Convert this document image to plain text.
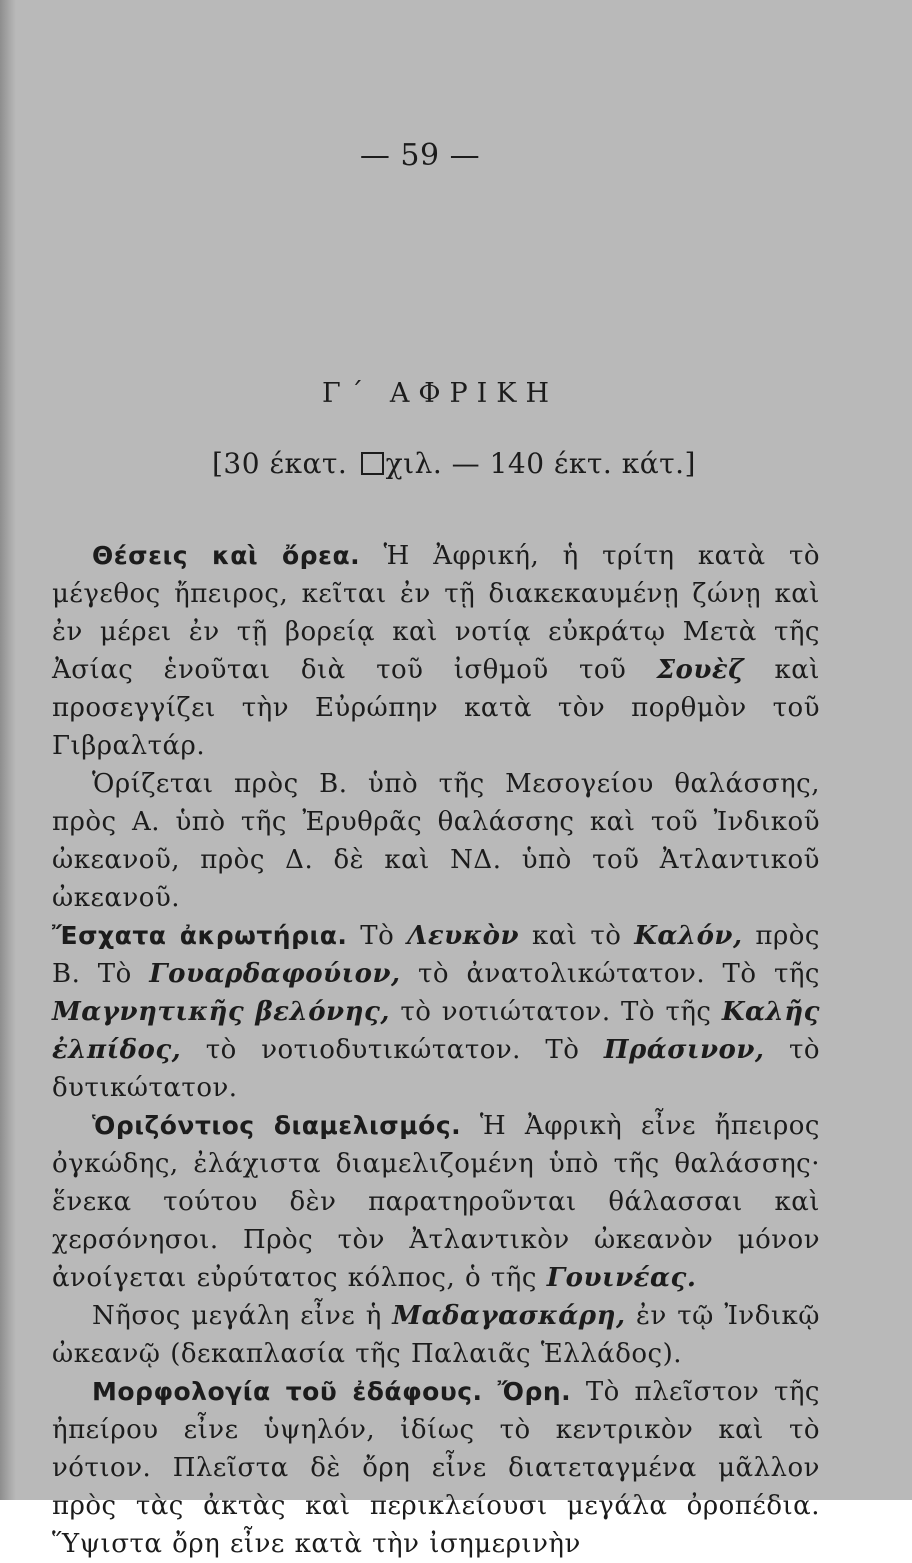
— 59 —
Γ΄ ΑΦΡΙΚΗ
[30 έκατ. χιλ. — 140 έκτ. κάτ.]

Θέσεις καὶ ὄρεα. Ἡ Ἀφρική, ἡ τρίτη κατὰ τὸ μέγεθος ἤπειρος, κεῖται ἐν τῇ διακεκαυμένῃ ζώνῃ καὶ ἐν μέρει ἐν τῇ βορείᾳ καὶ νοτίᾳ εὐκράτῳ Μετὰ τῆς Ἀσίας ἑνοῦται διὰ τοῦ ἰσθμοῦ τοῦ Σουὲζ καὶ προσεγγίζει τὴν Εὐρώπην κατὰ τὸν πορθμὸν τοῦ Γιβραλτάρ.

Ὁρίζεται πρὸς Β. ὑπὸ τῆς Μεσογείου θαλάσσης, πρὸς Α. ὑπὸ τῆς Ἐρυθρᾶς θαλάσσης καὶ τοῦ Ἰνδικοῦ ὠκεανοῦ, πρὸς Δ. δὲ καὶ ΝΔ. ὑπὸ τοῦ Ἀτλαντικοῦ ὠκεανοῦ.

Ἔσχατα ἀκρωτήρια. Τὸ Λευκὸν καὶ τὸ Καλόν, πρὸς Β. Τὸ Γουαρδαφούιον, τὸ ἀνατολικώτατον. Τὸ τῆς Μαγνητικῆς βελόνης, τὸ νοτιώτατον. Τὸ τῆς Καλῆς ἐλπίδος, τὸ νοτιοδυτικώτατον. Τὸ Πράσινον, τὸ δυτικώτατον.

Ὁριζόντιος διαμελισμός. Ἡ Ἀφρικὴ εἶνε ἤπειρος ὀγκώδης, ἐλάχιστα διαμελιζομένη ὑπὸ τῆς θαλάσσης· ἕνεκα τούτου δὲν παρατηροῦνται θάλασσαι καὶ χερσόνησοι. Πρὸς τὸν Ἀτλαντικὸν ὠκεανὸν μόνον ἀνοίγεται εὐρύτατος κόλπος, ὁ τῆς Γουινέας.

Νῆσος μεγάλη εἶνε ἡ Μαδαγασκάρη, ἐν τῷ Ἰνδικῷ ὠκεανῷ (δεκαπλασία τῆς Παλαιᾶς Ἑλλάδος).

Μορφολογία τοῦ ἐδάφους. Ὄρη. Τὸ πλεῖστον τῆς ἠπείρου εἶνε ὑψηλόν, ἰδίως τὸ κεντρικὸν καὶ τὸ νότιον. Πλεῖστα δὲ ὄρη εἶνε διατεταγμένα μᾶλλον πρὸς τὰς ἀκτὰς καὶ περικλείουσι μεγάλα ὀροπέδια. Ὕψιστα ὄρη εἶνε κατὰ τὴν ἰσημερινὴν
